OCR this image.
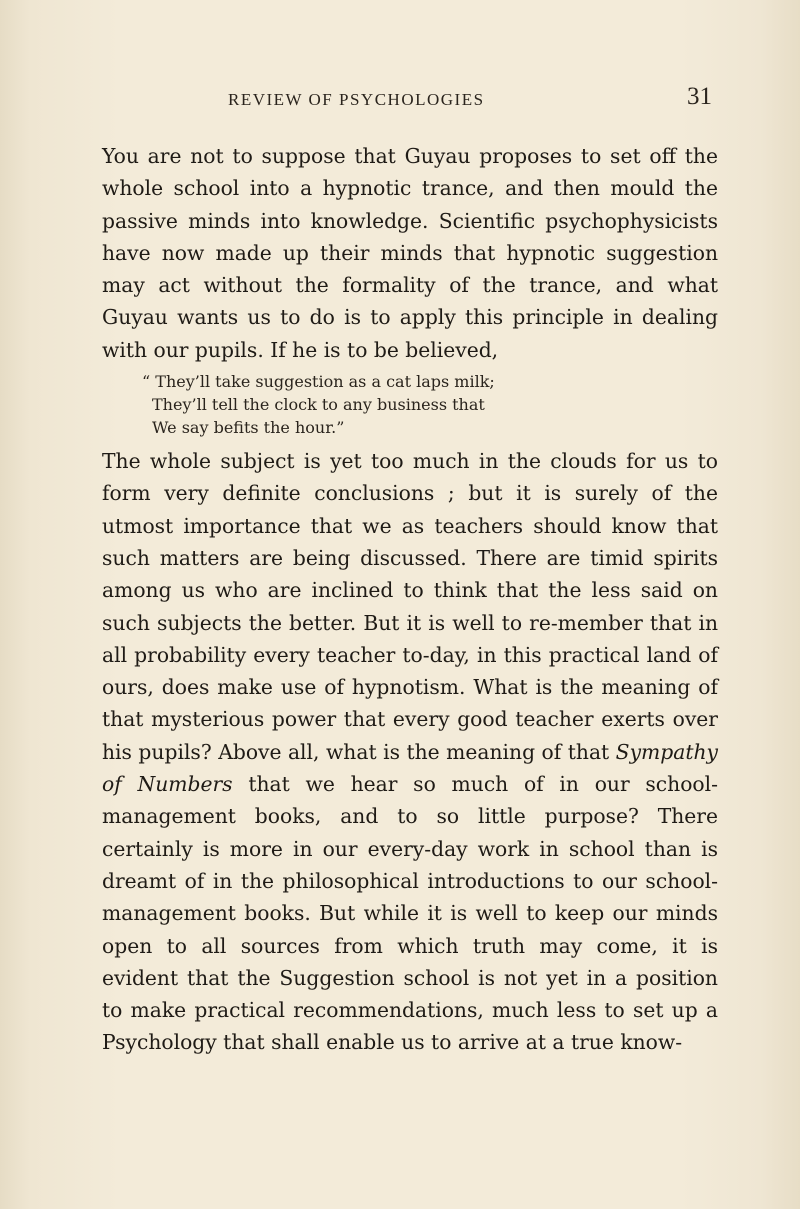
REVIEW OF PSYCHOLOGIES	31

You are not to suppose that Guyau proposes to set off the whole school into a hypnotic trance, and then mould the passive minds into knowledge. Scientific psychophysicists have now made up their minds that hypnotic suggestion may act without the formality of the trance, and what Guyau wants us to do is to apply this principle in dealing with our pupils. If he is to be believed,

“ They’ll take suggestion as a cat laps milk;
They’ll tell the clock to any business that
We say befits the hour.”

The whole subject is yet too much in the clouds for us to form very definite conclusions ; but it is surely of the utmost importance that we as teachers should know that such matters are being discussed. There are timid spirits among us who are inclined to think that the less said on such subjects the better. But it is well to re-member that in all probability every teacher to-day, in this practical land of ours, does make use of hypnotism. What is the meaning of that mysterious power that every good teacher exerts over his pupils? Above all, what is the meaning of that Sympathy of Numbers that we hear so much of in our school-management books, and to so little purpose? There certainly is more in our every-day work in school than is dreamt of in the philosophical introductions to our school-management books. But while it is well to keep our minds open to all sources from which truth may come, it is evident that the Suggestion school is not yet in a position to make practical recommendations, much less to set up a Psychology that shall enable us to arrive at a true know-
